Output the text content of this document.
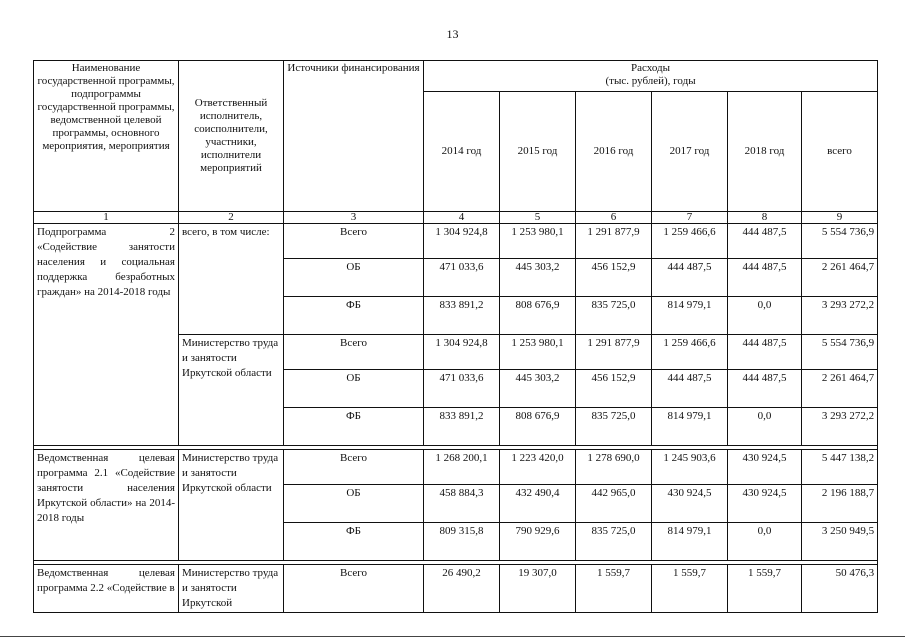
13
Наименование государственной программы, подпрограммы государственной программы, ведомственной целевой программы, основного мероприятия, мероприятия	Ответственный исполнитель, соисполнители, участники, исполнители мероприятий	Источники финансирования	Расходы
(тыс. рублей), годы					
			2014 год	2015 год	2016 год	2017 год	2018 год	всего
1	2	3	4	5	6	7	8	9
Подпрограмма 2 «Содействие занятости населения и социальная поддержка безработных граждан» на 2014-2018 годы	всего, в том числе:	Всего	1 304 924,8	1 253 980,1	1 291 877,9	1 259 466,6	444 487,5	5 554 736,9
		ОБ	471 033,6	445 303,2	456 152,9	444 487,5	444 487,5	2 261 464,7
		ФБ	833 891,2	808 676,9	835 725,0	814 979,1	0,0	3 293 272,2
	Министерство труда и занятости Иркутской области	Всего	1 304 924,8	1 253 980,1	1 291 877,9	1 259 466,6	444 487,5	5 554 736,9
		ОБ	471 033,6	445 303,2	456 152,9	444 487,5	444 487,5	2 261 464,7
		ФБ	833 891,2	808 676,9	835 725,0	814 979,1	0,0	3 293 272,2

Ведомственная целевая программа 2.1 «Содействие занятости населения Иркутской области» на 2014-2018 годы	Министерство труда и занятости Иркутской области	Всего	1 268 200,1	1 223 420,0	1 278 690,0	1 245 903,6	430 924,5	5 447 138,2
		ОБ	458 884,3	432 490,4	442 965,0	430 924,5	430 924,5	2 196 188,7
		ФБ	809 315,8	790 929,6	835 725,0	814 979,1	0,0	3 250 949,5

Ведомственная целевая программа 2.2 «Содействие в	Министерство труда и занятости Иркутской	Всего	26 490,2	19 307,0	1 559,7	1 559,7	1 559,7	50 476,3
